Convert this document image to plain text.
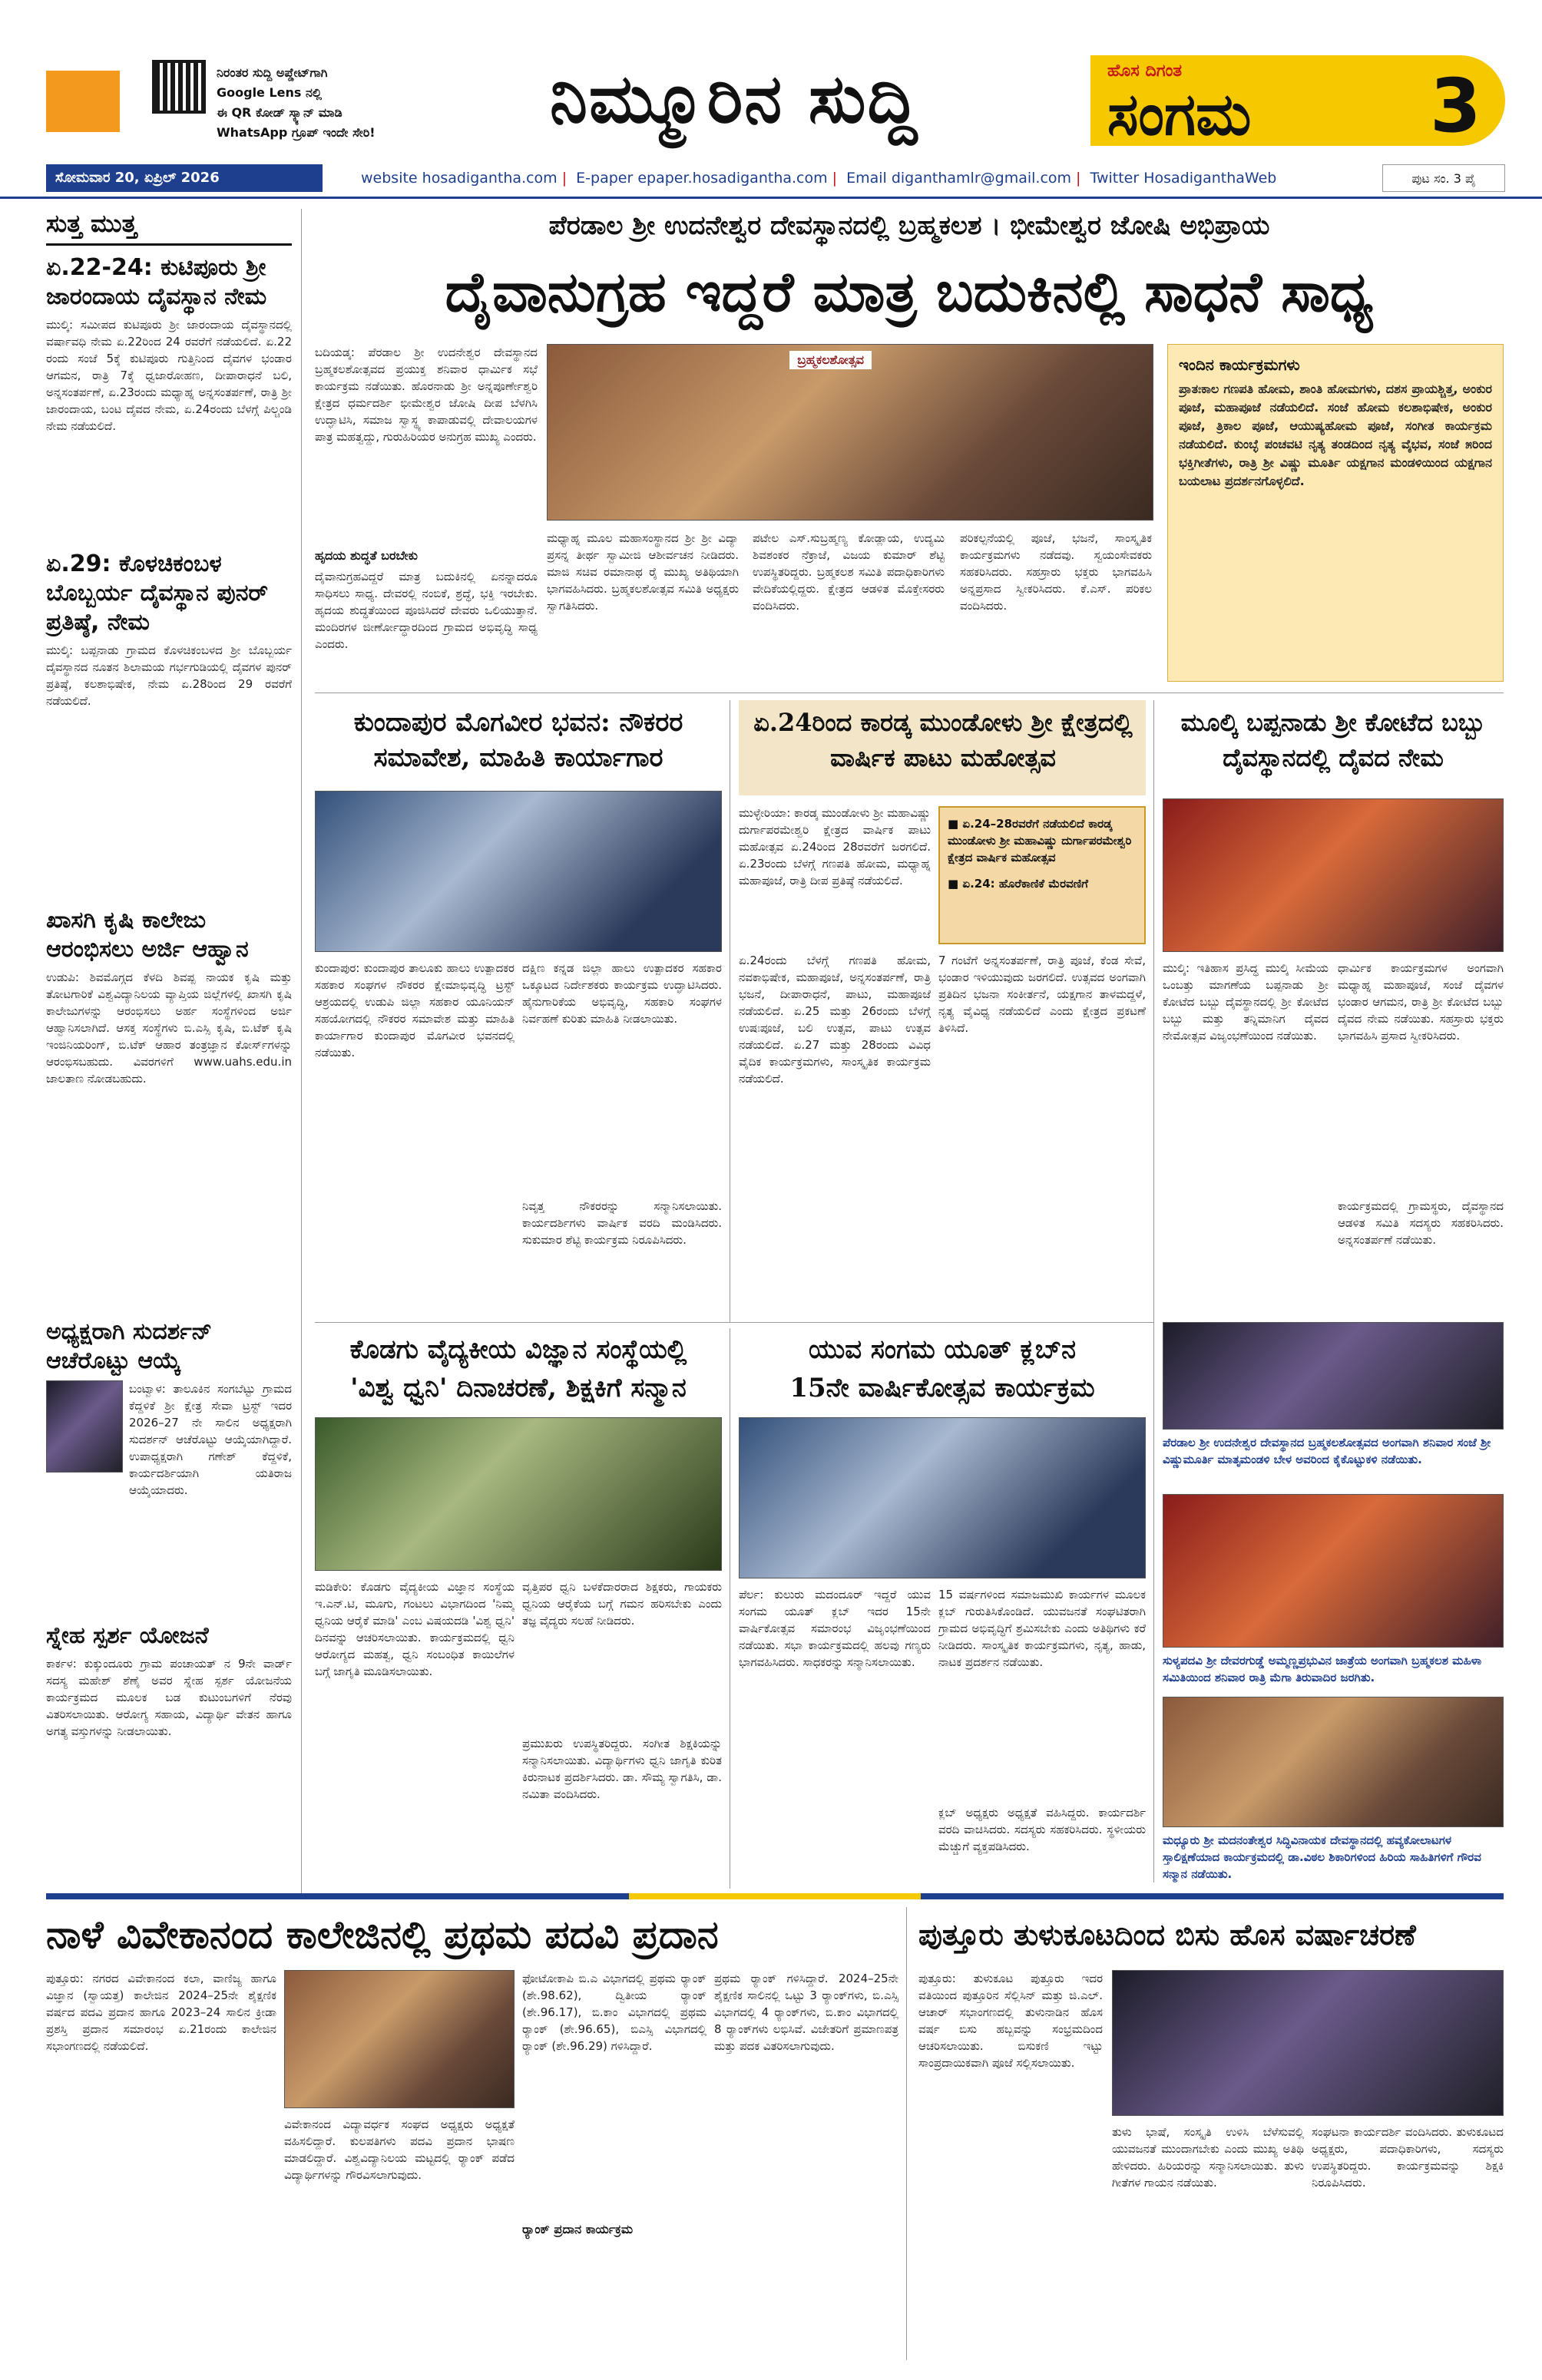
ನಿರಂತರ ಸುದ್ದಿ ಅಪ್ಡೇಟ್‌ಗಾಗಿ
Google Lens ನಲ್ಲಿ
ಈ QR ಕೋಡ್ ಸ್ಕ್ಯಾನ್ ಮಾಡಿ
WhatsApp ಗ್ರೂಪ್ ಇಂದೇ ಸೇರಿ!	ನಿಮ್ಮೂರಿನ ಸುದ್ದಿ	ಹೊಸ ದಿಗಂತ
ಸಂಗಮ 3
ಸೋಮವಾರ 20, ಏಪ್ರಿಲ್ 2026	website hosadigantha.com | E-paper epaper.hosadigantha.com | Email diganthamlr@gmail.com | Twitter HosadiganthaWeb	ಪುಟ ಸಂ. 3 ಪೈ
ಸುತ್ತ ಮುತ್ತ
ಏ.22-24: ಕುಟಿಪೂರು ಶ್ರೀ ಜಾರಂದಾಯ ದೈವಸ್ಥಾನ ನೇಮ
ಮುಲ್ಕಿ: ಸಮೀಪದ ಕುಟಿಪೂರು ಶ್ರೀ ಜಾರಂದಾಯ ದೈವಸ್ಥಾನದಲ್ಲಿ ವರ್ಷಾವಧಿ ನೇಮ ಏ.22ರಿಂದ 24 ರವರೆಗೆ ನಡೆಯಲಿದೆ. ಏ.22 ರಂದು ಸಂಜೆ 5ಕ್ಕೆ ಕುಟಿಪೂರು ಗುತ್ತಿನಿಂದ ದೈವಗಳ ಭಂಡಾರ ಆಗಮನ, ರಾತ್ರಿ 7ಕ್ಕೆ ಧ್ವಜಾರೋಹಣ, ದೀಪಾರಾಧನೆ ಬಲಿ, ಅನ್ನಸಂತರ್ಪಣೆ, ಏ.23ರಂದು ಮಧ್ಯಾಹ್ನ ಅನ್ನಸಂತರ್ಪಣೆ, ರಾತ್ರಿ ಶ್ರೀ ಜಾರಂದಾಯ, ಬಂಟ ದೈವದ ನೇಮ, ಏ.24ರಂದು ಬೆಳಗ್ಗೆ ಪಿಲ್ಚಂಡಿ ನೇಮ ನಡೆಯಲಿದೆ.
ಏ.29: ಕೊಳಚಿಕಂಬಳ ಬೊಬ್ಬರ್ಯ ದೈವಸ್ಥಾನ ಪುನರ್ ಪ್ರತಿಷ್ಠೆ, ನೇಮ
ಮುಲ್ಕಿ: ಬಪ್ಪನಾಡು ಗ್ರಾಮದ ಕೊಳಚಿಕಂಬಳದ ಶ್ರೀ ಬೊಬ್ಬರ್ಯ ದೈವಸ್ಥಾನದ ನೂತನ ಶಿಲಾಮಯ ಗರ್ಭಗುಡಿಯಲ್ಲಿ ದೈವಗಳ ಪುನರ್ ಪ್ರತಿಷ್ಠೆ, ಕಲಶಾಭಿಷೇಕ, ನೇಮ ಏ.28ರಿಂದ 29 ರವರೆಗೆ ನಡೆಯಲಿದೆ.
ಖಾಸಗಿ ಕೃಷಿ ಕಾಲೇಜು ಆರಂಭಿಸಲು ಅರ್ಜಿ ಆಹ್ವಾನ
ಉಡುಪಿ: ಶಿವಮೊಗ್ಗದ ಕೆಳದಿ ಶಿವಪ್ಪ ನಾಯಕ ಕೃಷಿ ಮತ್ತು ತೋಟಗಾರಿಕೆ ವಿಶ್ವವಿದ್ಯಾನಿಲಯ ವ್ಯಾಪ್ತಿಯ ಜಿಲ್ಲೆಗಳಲ್ಲಿ ಖಾಸಗಿ ಕೃಷಿ ಕಾಲೇಜುಗಳನ್ನು ಆರಂಭಿಸಲು ಅರ್ಹ ಸಂಸ್ಥೆಗಳಿಂದ ಅರ್ಜಿ ಆಹ್ವಾನಿಸಲಾಗಿದೆ. ಆಸಕ್ತ ಸಂಸ್ಥೆಗಳು ಬಿ.ಎಸ್ಸಿ ಕೃಷಿ, ಬಿ.ಟೆಕ್ ಕೃಷಿ ಇಂಜಿನಿಯರಿಂಗ್, ಬಿ.ಟೆಕ್ ಆಹಾರ ತಂತ್ರಜ್ಞಾನ ಕೋರ್ಸ್‌ಗಳನ್ನು ಆರಂಭಿಸಬಹುದು. ವಿವರಗಳಿಗೆ www.uahs.edu.in ಜಾಲತಾಣ ನೋಡಬಹುದು.
ಅಧ್ಯಕ್ಷರಾಗಿ ಸುದರ್ಶನ್ ಆಚೆರೊಟ್ಟು ಆಯ್ಕೆ
ಬಂಟ್ವಾಳ: ತಾಲೂಕಿನ ಸಂಗಬೆಟ್ಟು ಗ್ರಾಮದ ಕೆದ್ದಳಿಕೆ ಶ್ರೀ ಕ್ಷೇತ್ರ ಸೇವಾ ಟ್ರಸ್ಟ್ ಇದರ 2026–27 ನೇ ಸಾಲಿನ ಅಧ್ಯಕ್ಷರಾಗಿ ಸುದರ್ಶನ್ ಆಚೆರೊಟ್ಟು ಆಯ್ಕೆಯಾಗಿದ್ದಾರೆ. ಉಪಾಧ್ಯಕ್ಷರಾಗಿ ಗಣೇಶ್ ಕೆದ್ದಳಿಕೆ, ಕಾರ್ಯದರ್ಶಿಯಾಗಿ ಯತಿರಾಜ ಆಯ್ಕೆಯಾದರು.
ಸ್ನೇಹ ಸ್ಪರ್ಶ ಯೋಜನೆ
ಕಾರ್ಕಳ: ಕುಕ್ಕುಂದೂರು ಗ್ರಾಮ ಪಂಚಾಯತ್ ನ 9ನೇ ವಾರ್ಡ್ ಸದಸ್ಯ ಮಹೇಶ್ ಶೆಣೈ ಅವರ ಸ್ನೇಹ ಸ್ಪರ್ಶ ಯೋಜನೆಯ ಕಾರ್ಯಕ್ರಮದ ಮೂಲಕ ಬಡ ಕುಟುಂಬಗಳಿಗೆ ನೆರವು ವಿತರಿಸಲಾಯಿತು. ಆರೋಗ್ಯ ಸಹಾಯ, ವಿದ್ಯಾರ್ಥಿ ವೇತನ ಹಾಗೂ ಅಗತ್ಯ ವಸ್ತುಗಳನ್ನು ನೀಡಲಾಯಿತು.
ಪೆರಡಾಲ ಶ್ರೀ ಉದನೇಶ್ವರ ದೇವಸ್ಥಾನದಲ್ಲಿ ಬ್ರಹ್ಮಕಲಶ । ಭೀಮೇಶ್ವರ ಜೋಷಿ ಅಭಿಪ್ರಾಯ
ದೈವಾನುಗ್ರಹ ಇದ್ದರೆ ಮಾತ್ರ ಬದುಕಿನಲ್ಲಿ ಸಾಧನೆ ಸಾಧ್ಯ
ಬದಿಯಡ್ಕ: ಪೆರಡಾಲ ಶ್ರೀ ಉದನೇಶ್ವರ ದೇವಸ್ಥಾನದ ಬ್ರಹ್ಮಕಲಶೋತ್ಸವದ ಪ್ರಯುಕ್ತ ಶನಿವಾರ ಧಾರ್ಮಿಕ ಸಭೆ ಕಾರ್ಯಕ್ರಮ ನಡೆಯಿತು. ಹೊರನಾಡು ಶ್ರೀ ಅನ್ನಪೂರ್ಣೇಶ್ವರಿ ಕ್ಷೇತ್ರದ ಧರ್ಮದರ್ಶಿ ಭೀಮೇಶ್ವರ ಜೋಷಿ ದೀಪ ಬೆಳಗಿಸಿ ಉದ್ಘಾಟಿಸಿ, ಸಮಾಜ ಸ್ವಾಸ್ಥ್ಯ ಕಾಪಾಡುವಲ್ಲಿ ದೇವಾಲಯಗಳ ಪಾತ್ರ ಮಹತ್ವದ್ದು, ಗುರುಹಿರಿಯರ ಅನುಗ್ರಹ ಮುಖ್ಯ ಎಂದರು.
ಹೃದಯ ಶುದ್ಧತೆ ಬರಬೇಕು
ದೈವಾನುಗ್ರಹವಿದ್ದರೆ ಮಾತ್ರ ಬದುಕಿನಲ್ಲಿ ಏನನ್ನಾದರೂ ಸಾಧಿಸಲು ಸಾಧ್ಯ. ದೇವರಲ್ಲಿ ನಂಬಿಕೆ, ಶ್ರದ್ಧೆ, ಭಕ್ತಿ ಇರಬೇಕು. ಹೃದಯ ಶುದ್ಧತೆಯಿಂದ ಪೂಜಿಸಿದರೆ ದೇವರು ಒಲಿಯುತ್ತಾನೆ. ಮಂದಿರಗಳ ಜೀರ್ಣೋದ್ಧಾರದಿಂದ ಗ್ರಾಮದ ಅಭಿವೃದ್ಧಿ ಸಾಧ್ಯ ಎಂದರು.
ಬ್ರಹ್ಮಕಲಶೋತ್ಸವ
ಮಧ್ಯಾಹ್ನ ಮೂಲ ಮಹಾಸಂಸ್ಥಾನದ ಶ್ರೀ ಶ್ರೀ ವಿದ್ಯಾ ಪ್ರಸನ್ನ ತೀರ್ಥ ಸ್ವಾಮೀಜಿ ಆಶೀರ್ವಚನ ನೀಡಿದರು. ಮಾಜಿ ಸಚಿವ ರಮಾನಾಥ ರೈ ಮುಖ್ಯ ಅತಿಥಿಯಾಗಿ ಭಾಗವಹಿಸಿದರು. ಬ್ರಹ್ಮಕಲಶೋತ್ಸವ ಸಮಿತಿ ಅಧ್ಯಕ್ಷರು ಸ್ವಾಗತಿಸಿದರು.
ಪಟೇಲ ಎಸ್.ಸುಬ್ರಹ್ಮಣ್ಯ ಕೋಡ್ಲಾಯ, ಉದ್ಯಮಿ ಶಿವಶಂಕರ ನೆಕ್ರಾಜೆ, ವಿಜಯ ಕುಮಾರ್ ಶೆಟ್ಟಿ ಉಪಸ್ಥಿತರಿದ್ದರು. ಬ್ರಹ್ಮಕಲಶ ಸಮಿತಿ ಪದಾಧಿಕಾರಿಗಳು ವೇದಿಕೆಯಲ್ಲಿದ್ದರು. ಕ್ಷೇತ್ರದ ಆಡಳಿತ ಮೊಕ್ತೇಸರರು ವಂದಿಸಿದರು.
ಪರಿಕಲ್ಪನೆಯಲ್ಲಿ ಪೂಜೆ, ಭಜನೆ, ಸಾಂಸ್ಕೃತಿಕ ಕಾರ್ಯಕ್ರಮಗಳು ನಡೆದವು. ಸ್ವಯಂಸೇವಕರು ಸಹಕರಿಸಿದರು. ಸಹಸ್ರಾರು ಭಕ್ತರು ಭಾಗವಹಿಸಿ ಅನ್ನಪ್ರಸಾದ ಸ್ವೀಕರಿಸಿದರು. ಕೆ.ಎಸ್. ಪರಿಕಲ ವಂದಿಸಿದರು.
ಇಂದಿನ ಕಾರ್ಯಕ್ರಮಗಳು
ಪ್ರಾತಃಕಾಲ ಗಣಪತಿ ಹೋಮ, ಶಾಂತಿ ಹೋಮಗಳು, ದಶಸ ಪ್ರಾಯಶ್ಚಿತ್ತ, ಅಂಕುರ ಪೂಜೆ, ಮಹಾಪೂಜೆ ನಡೆಯಲಿದೆ. ಸಂಜೆ ಹೋಮ ಕಲಶಾಭಿಷೇಕ, ಅಂಕುರ ಪೂಜೆ, ತ್ರಿಕಾಲ ಪೂಜೆ, ಆಯುಷ್ಯಹೋಮ ಪೂಜೆ, ಸಂಗೀತ ಕಾರ್ಯಕ್ರಮ ನಡೆಯಲಿದೆ. ಕುಂಬ್ಳೆ ಪಂಚವಟಿ ನೃತ್ಯ ತಂಡದಿಂದ ನೃತ್ಯ ವೈಭವ, ಸಂಜೆ ೫ರಿಂದ ಭಕ್ತಿಗೀತೆಗಳು, ರಾತ್ರಿ ಶ್ರೀ ವಿಷ್ಣು ಮೂರ್ತಿ ಯಕ್ಷಗಾನ ಮಂಡಳಿಯಿಂದ ಯಕ್ಷಗಾನ ಬಯಲಾಟ ಪ್ರದರ್ಶನಗೊಳ್ಳಲಿದೆ.
ಕುಂದಾಪುರ ಮೊಗವೀರ ಭವನ: ನೌಕರರ ಸಮಾವೇಶ, ಮಾಹಿತಿ ಕಾರ್ಯಾಗಾರ
ಕುಂದಾಪುರ: ಕುಂದಾಪುರ ತಾಲೂಕು ಹಾಲು ಉತ್ಪಾದಕರ ಸಹಕಾರ ಸಂಘಗಳ ನೌಕರರ ಕ್ಷೇಮಾಭಿವೃದ್ಧಿ ಟ್ರಸ್ಟ್ ಆಶ್ರಯದಲ್ಲಿ ಉಡುಪಿ ಜಿಲ್ಲಾ ಸಹಕಾರ ಯೂನಿಯನ್ ಸಹಯೋಗದಲ್ಲಿ ನೌಕರರ ಸಮಾವೇಶ ಮತ್ತು ಮಾಹಿತಿ ಕಾರ್ಯಾಗಾರ ಕುಂದಾಪುರ ಮೊಗವೀರ ಭವನದಲ್ಲಿ ನಡೆಯಿತು.
ದಕ್ಷಿಣ ಕನ್ನಡ ಜಿಲ್ಲಾ ಹಾಲು ಉತ್ಪಾದಕರ ಸಹಕಾರ ಒಕ್ಕೂಟದ ನಿರ್ದೇಶಕರು ಕಾರ್ಯಕ್ರಮ ಉದ್ಘಾಟಿಸಿದರು. ಹೈನುಗಾರಿಕೆಯ ಅಭಿವೃದ್ಧಿ, ಸಹಕಾರಿ ಸಂಘಗಳ ನಿರ್ವಹಣೆ ಕುರಿತು ಮಾಹಿತಿ ನೀಡಲಾಯಿತು.
ನಿವೃತ್ತ ನೌಕರರನ್ನು ಸನ್ಮಾನಿಸಲಾಯಿತು. ಕಾರ್ಯದರ್ಶಿಗಳು ವಾರ್ಷಿಕ ವರದಿ ಮಂಡಿಸಿದರು. ಸುಕುಮಾರ ಶೆಟ್ಟಿ ಕಾರ್ಯಕ್ರಮ ನಿರೂಪಿಸಿದರು.
ಏ.24ರಿಂದ ಕಾರಡ್ಕ ಮುಂಡೋಳು ಶ್ರೀ ಕ್ಷೇತ್ರದಲ್ಲಿ ವಾರ್ಷಿಕ ಪಾಟು ಮಹೋತ್ಸವ
ಮುಳ್ಳೇರಿಯಾ: ಕಾರಡ್ಕ ಮುಂಡೋಳು ಶ್ರೀ ಮಹಾವಿಷ್ಣು ದುರ್ಗಾಪರಮೇಶ್ವರಿ ಕ್ಷೇತ್ರದ ವಾರ್ಷಿಕ ಪಾಟು ಮಹೋತ್ಸವ ಏ.24ರಿಂದ 28ರವರೆಗೆ ಜರಗಲಿದೆ. ಏ.23ರಂದು ಬೆಳಗ್ಗೆ ಗಣಪತಿ ಹೋಮ, ಮಧ್ಯಾಹ್ನ ಮಹಾಪೂಜೆ, ರಾತ್ರಿ ದೀಪ ಪ್ರತಿಷ್ಠೆ ನಡೆಯಲಿದೆ.
■ ಏ.24–28ರವರೆಗೆ ನಡೆಯಲಿದೆ ಕಾರಡ್ಕ ಮುಂಡೋಳು ಶ್ರೀ ಮಹಾವಿಷ್ಣು ದುರ್ಗಾಪರಮೇಶ್ವರಿ ಕ್ಷೇತ್ರದ ವಾರ್ಷಿಕ ಮಹೋತ್ಸವ
■ ಏ.24: ಹೊರೆಕಾಣಿಕೆ ಮೆರವಣಿಗೆ
ಏ.24ರಂದು ಬೆಳಗ್ಗೆ ಗಣಪತಿ ಹೋಮ, ನವಕಾಭಿಷೇಕ, ಮಹಾಪೂಜೆ, ಅನ್ನಸಂತರ್ಪಣೆ, ರಾತ್ರಿ ಭಜನೆ, ದೀಪಾರಾಧನೆ, ಪಾಟು, ಮಹಾಪೂಜೆ ನಡೆಯಲಿದೆ. ಏ.25 ಮತ್ತು 26ರಂದು ಬೆಳಗ್ಗೆ ಉಷಃಪೂಜೆ, ಬಲಿ ಉತ್ಸವ, ಪಾಟು ಉತ್ಸವ ನಡೆಯಲಿದೆ. ಏ.27 ಮತ್ತು 28ರಂದು ವಿವಿಧ ವೈದಿಕ ಕಾರ್ಯಕ್ರಮಗಳು, ಸಾಂಸ್ಕೃತಿಕ ಕಾರ್ಯಕ್ರಮ ನಡೆಯಲಿದೆ.
7 ಗಂಟೆಗೆ ಅನ್ನಸಂತರ್ಪಣೆ, ರಾತ್ರಿ ಪೂಜೆ, ಕೆಂಡ ಸೇವೆ, ಭಂಡಾರ ಇಳಿಯುವುದು ಜರಗಲಿದೆ. ಉತ್ಸವದ ಅಂಗವಾಗಿ ಪ್ರತಿದಿನ ಭಜನಾ ಸಂಕೀರ್ತನೆ, ಯಕ್ಷಗಾನ ತಾಳಮದ್ದಳೆ, ನೃತ್ಯ ವೈವಿಧ್ಯ ನಡೆಯಲಿದೆ ಎಂದು ಕ್ಷೇತ್ರದ ಪ್ರಕಟಣೆ ತಿಳಿಸಿದೆ.
ಮೂಲ್ಕಿ ಬಪ್ಪನಾಡು ಶ್ರೀ ಕೋಟೆದ ಬಬ್ಬು ದೈವಸ್ಥಾನದಲ್ಲಿ ದೈವದ ನೇಮ
ಮುಲ್ಕಿ: ಇತಿಹಾಸ ಪ್ರಸಿದ್ಧ ಮುಲ್ಕಿ ಸೀಮೆಯ ಒಂಬತ್ತು ಮಾಗಣೆಯ ಬಪ್ಪನಾಡು ಶ್ರೀ ಕೋಟೆದ ಬಬ್ಬು ದೈವಸ್ಥಾನದಲ್ಲಿ ಶ್ರೀ ಕೋಟೆದ ಬಬ್ಬು ಮತ್ತು ತನ್ನಿಮಾನಿಗ ದೈವದ ನೇಮೋತ್ಸವ ವಿಜೃಂಭಣೆಯಿಂದ ನಡೆಯಿತು.
ಧಾರ್ಮಿಕ ಕಾರ್ಯಕ್ರಮಗಳ ಅಂಗವಾಗಿ ಮಧ್ಯಾಹ್ನ ಮಹಾಪೂಜೆ, ಸಂಜೆ ದೈವಗಳ ಭಂಡಾರ ಆಗಮನ, ರಾತ್ರಿ ಶ್ರೀ ಕೋಟೆದ ಬಬ್ಬು ದೈವದ ನೇಮ ನಡೆಯಿತು. ಸಹಸ್ರಾರು ಭಕ್ತರು ಭಾಗವಹಿಸಿ ಪ್ರಸಾದ ಸ್ವೀಕರಿಸಿದರು.
ಕಾರ್ಯಕ್ರಮದಲ್ಲಿ ಗ್ರಾಮಸ್ಥರು, ದೈವಸ್ಥಾನದ ಆಡಳಿತ ಸಮಿತಿ ಸದಸ್ಯರು ಸಹಕರಿಸಿದರು. ಅನ್ನಸಂತರ್ಪಣೆ ನಡೆಯಿತು.
ಪೆರಡಾಲ ಶ್ರೀ ಉದನೇಶ್ವರ ದೇವಸ್ಥಾನದ ಬ್ರಹ್ಮಕಲಶೋತ್ಸವದ ಅಂಗವಾಗಿ ಶನಿವಾರ ಸಂಜೆ ಶ್ರೀ ವಿಷ್ಣುಮೂರ್ತಿ ಮಾತೃಮಂಡಳಿ ಬೇಳ ಅವರಿಂದ ಕೈಕೊಟ್ಟುಕಳಿ ನಡೆಯಿತು.
ಸುಳ್ಯಪದವಿ ಶ್ರೀ ದೇವರಗುಡ್ಡೆ ಅಮ್ಮಣ್ಣಪ್ರಭುವಿನ ಜಾತ್ರೆಯ ಅಂಗವಾಗಿ ಬ್ರಹ್ಮಕಲಶ ಮಹಿಳಾ ಸಮಿತಿಯಿಂದ ಶನಿವಾರ ರಾತ್ರಿ ಮೆಗಾ ತಿರುವಾದಿರ ಜರಗಿತು.
ಮಧ್ಯೂರು ಶ್ರೀ ಮದನಂತೇಶ್ವರ ಸಿದ್ಧಿವಿನಾಯಕ ದೇವಸ್ಥಾನದಲ್ಲಿ ಹವ್ಯಕೋಲಾಟಗಳ ಸ್ತಾಲಿಕ್ಷಣೆಯಾದ ಕಾರ್ಯಕ್ರಮದಲ್ಲಿ ಡಾ.ವಿಠಲ ಶಿಕಾರಿಗಳಿಂದ ಹಿರಿಯ ಸಾಹಿತಿಗಳಿಗೆ ಗೌರವ ಸನ್ಮಾನ ನಡೆಯಿತು.
ಕೊಡಗು ವೈದ್ಯಕೀಯ ವಿಜ್ಞಾನ ಸಂಸ್ಥೆಯಲ್ಲಿ
'ವಿಶ್ವ ಧ್ವನಿ' ದಿನಾಚರಣೆ, ಶಿಕ್ಷಕಿಗೆ ಸನ್ಮಾನ
ಮಡಿಕೇರಿ: ಕೊಡಗು ವೈದ್ಯಕೀಯ ವಿಜ್ಞಾನ ಸಂಸ್ಥೆಯ ಇ.ಎನ್.ಟಿ, ಮೂಗು, ಗಂಟಲು ವಿಭಾಗದಿಂದ 'ನಿಮ್ಮ ಧ್ವನಿಯ ಆರೈಕೆ ಮಾಡಿ' ಎಂಬ ವಿಷಯದಡಿ 'ವಿಶ್ವ ಧ್ವನಿ' ದಿನವನ್ನು ಆಚರಿಸಲಾಯಿತು. ಕಾರ್ಯಕ್ರಮದಲ್ಲಿ ಧ್ವನಿ ಆರೋಗ್ಯದ ಮಹತ್ವ, ಧ್ವನಿ ಸಂಬಂಧಿತ ಕಾಯಿಲೆಗಳ ಬಗ್ಗೆ ಜಾಗೃತಿ ಮೂಡಿಸಲಾಯಿತು.
ವೃತ್ತಿಪರ ಧ್ವನಿ ಬಳಕೆದಾರರಾದ ಶಿಕ್ಷಕರು, ಗಾಯಕರು ಧ್ವನಿಯ ಆರೈಕೆಯ ಬಗ್ಗೆ ಗಮನ ಹರಿಸಬೇಕು ಎಂದು ತಜ್ಞ ವೈದ್ಯರು ಸಲಹೆ ನೀಡಿದರು.
ಪ್ರಮುಖರು ಉಪಸ್ಥಿತರಿದ್ದರು. ಸಂಗೀತ ಶಿಕ್ಷಕಿಯನ್ನು ಸನ್ಮಾನಿಸಲಾಯಿತು. ವಿದ್ಯಾರ್ಥಿಗಳು ಧ್ವನಿ ಜಾಗೃತಿ ಕುರಿತ ಕಿರುನಾಟಕ ಪ್ರದರ್ಶಿಸಿದರು. ಡಾ. ಸೌಮ್ಯ ಸ್ವಾಗತಿಸಿ, ಡಾ. ನಮಿತಾ ವಂದಿಸಿದರು.
ಯುವ ಸಂಗಮ ಯೂತ್ ಕ್ಲಬ್‌ನ
15ನೇ ವಾರ್ಷಿಕೋತ್ಸವ ಕಾರ್ಯಕ್ರಮ
ಪೆರ್ಲ: ಕುಲುರು ಮದಂದೂರ್ ಇದ್ದರೆ ಯುವ ಸಂಗಮ ಯೂತ್ ಕ್ಲಬ್ ಇದರ 15ನೇ ವಾರ್ಷಿಕೋತ್ಸವ ಸಮಾರಂಭ ವಿಜೃಂಭಣೆಯಿಂದ ನಡೆಯಿತು. ಸಭಾ ಕಾರ್ಯಕ್ರಮದಲ್ಲಿ ಹಲವು ಗಣ್ಯರು ಭಾಗವಹಿಸಿದರು. ಸಾಧಕರನ್ನು ಸನ್ಮಾನಿಸಲಾಯಿತು.
15 ವರ್ಷಗಳಿಂದ ಸಮಾಜಮುಖಿ ಕಾರ್ಯಗಳ ಮೂಲಕ ಕ್ಲಬ್ ಗುರುತಿಸಿಕೊಂಡಿದೆ. ಯುವಜನತೆ ಸಂಘಟಿತರಾಗಿ ಗ್ರಾಮದ ಅಭಿವೃದ್ಧಿಗೆ ಶ್ರಮಿಸಬೇಕು ಎಂದು ಅತಿಥಿಗಳು ಕರೆ ನೀಡಿದರು. ಸಾಂಸ್ಕೃತಿಕ ಕಾರ್ಯಕ್ರಮಗಳು, ನೃತ್ಯ, ಹಾಡು, ನಾಟಕ ಪ್ರದರ್ಶನ ನಡೆಯಿತು.
ಕ್ಲಬ್ ಅಧ್ಯಕ್ಷರು ಅಧ್ಯಕ್ಷತೆ ವಹಿಸಿದ್ದರು. ಕಾರ್ಯದರ್ಶಿ ವರದಿ ವಾಚಿಸಿದರು. ಸದಸ್ಯರು ಸಹಕರಿಸಿದರು. ಸ್ಥಳೀಯರು ಮೆಚ್ಚುಗೆ ವ್ಯಕ್ತಪಡಿಸಿದರು.
ನಾಳೆ ವಿವೇಕಾನಂದ ಕಾಲೇಜಿನಲ್ಲಿ ಪ್ರಥಮ ಪದವಿ ಪ್ರದಾನ
ಪುತ್ತೂರು: ನಗರದ ವಿವೇಕಾನಂದ ಕಲಾ, ವಾಣಿಜ್ಯ ಹಾಗೂ ವಿಜ್ಞಾನ (ಸ್ವಾಯತ್ತ) ಕಾಲೇಜಿನ 2024–25ನೇ ಶೈಕ್ಷಣಿಕ ವರ್ಷದ ಪದವಿ ಪ್ರದಾನ ಹಾಗೂ 2023–24 ಸಾಲಿನ ಕ್ರೀಡಾ ಪ್ರಶಸ್ತಿ ಪ್ರದಾನ ಸಮಾರಂಭ ಏ.21ರಂದು ಕಾಲೇಜಿನ ಸಭಾಂಗಣದಲ್ಲಿ ನಡೆಯಲಿದೆ.
ವಿವೇಕಾನಂದ ವಿದ್ಯಾವರ್ಧಕ ಸಂಘದ ಅಧ್ಯಕ್ಷರು ಅಧ್ಯಕ್ಷತೆ ವಹಿಸಲಿದ್ದಾರೆ. ಕುಲಪತಿಗಳು ಪದವಿ ಪ್ರದಾನ ಭಾಷಣ ಮಾಡಲಿದ್ದಾರೆ. ವಿಶ್ವವಿದ್ಯಾನಿಲಯ ಮಟ್ಟದಲ್ಲಿ ರ‍್ಯಾಂಕ್ ಪಡೆದ ವಿದ್ಯಾರ್ಥಿಗಳನ್ನು ಗೌರವಿಸಲಾಗುವುದು.
ಫೋಟೋಕಾಪಿ ಬಿ.ಎ ವಿಭಾಗದಲ್ಲಿ ಪ್ರಥಮ ರ‍್ಯಾಂಕ್ (ಶೇ.98.62), ದ್ವಿತೀಯ ರ‍್ಯಾಂಕ್ (ಶೇ.96.17), ಬಿ.ಕಾಂ ವಿಭಾಗದಲ್ಲಿ ಪ್ರಥಮ ರ‍್ಯಾಂಕ್ (ಶೇ.96.65), ಬಿಎಸ್ಸಿ ವಿಭಾಗದಲ್ಲಿ ರ‍್ಯಾಂಕ್ (ಶೇ.96.29) ಗಳಿಸಿದ್ದಾರೆ.
ರ‍್ಯಾಂಕ್ ಪ್ರದಾನ ಕಾರ್ಯಕ್ರಮ
ಪ್ರಥಮ ರ‍್ಯಾಂಕ್ ಗಳಿಸಿದ್ದಾರೆ. 2024–25ನೇ ಶೈಕ್ಷಣಿಕ ಸಾಲಿನಲ್ಲಿ ಒಟ್ಟು 3 ರ‍್ಯಾಂಕ್‌ಗಳು, ಬಿ.ಎಸ್ಸಿ ವಿಭಾಗದಲ್ಲಿ 4 ರ‍್ಯಾಂಕ್‌ಗಳು, ಬಿ.ಕಾಂ ವಿಭಾಗದಲ್ಲಿ 8 ರ‍್ಯಾಂಕ್‌ಗಳು ಲಭಿಸಿವೆ. ವಿಜೇತರಿಗೆ ಪ್ರಮಾಣಪತ್ರ ಮತ್ತು ಪದಕ ವಿತರಿಸಲಾಗುವುದು.
ಪುತ್ತೂರು ತುಳುಕೂಟದಿಂದ ಬಿಸು ಹೊಸ ವರ್ಷಾಚರಣೆ
ಪುತ್ತೂರು: ತುಳುಕೂಟ ಪುತ್ತೂರು ಇದರ ವತಿಯಿಂದ ಪುತ್ತೂರಿನ ಸೆಲ್ಲಿಸಿನ್ ಮತ್ತು ಜಿ.ಎಲ್. ಆಚಾರ್ ಸಭಾಂಗಣದಲ್ಲಿ ತುಳುನಾಡಿನ ಹೊಸ ವರ್ಷ ಬಿಸು ಹಬ್ಬವನ್ನು ಸಂಭ್ರಮದಿಂದ ಆಚರಿಸಲಾಯಿತು. ಬಿಸುಕಣಿ ಇಟ್ಟು ಸಾಂಪ್ರದಾಯಿಕವಾಗಿ ಪೂಜೆ ಸಲ್ಲಿಸಲಾಯಿತು.
ತುಳು ಭಾಷೆ, ಸಂಸ್ಕೃತಿ ಉಳಿಸಿ ಬೆಳೆಸುವಲ್ಲಿ ಯುವಜನತೆ ಮುಂದಾಗಬೇಕು ಎಂದು ಮುಖ್ಯ ಅತಿಥಿ ಹೇಳಿದರು. ಹಿರಿಯರನ್ನು ಸನ್ಮಾನಿಸಲಾಯಿತು. ತುಳು ಗೀತೆಗಳ ಗಾಯನ ನಡೆಯಿತು.
ಸಂಘಟನಾ ಕಾರ್ಯದರ್ಶಿ ವಂದಿಸಿದರು. ತುಳುಕೂಟದ ಅಧ್ಯಕ್ಷರು, ಪದಾಧಿಕಾರಿಗಳು, ಸದಸ್ಯರು ಉಪಸ್ಥಿತರಿದ್ದರು. ಕಾರ್ಯಕ್ರಮವನ್ನು ಶಿಕ್ಷಕಿ ನಿರೂಪಿಸಿದರು.
